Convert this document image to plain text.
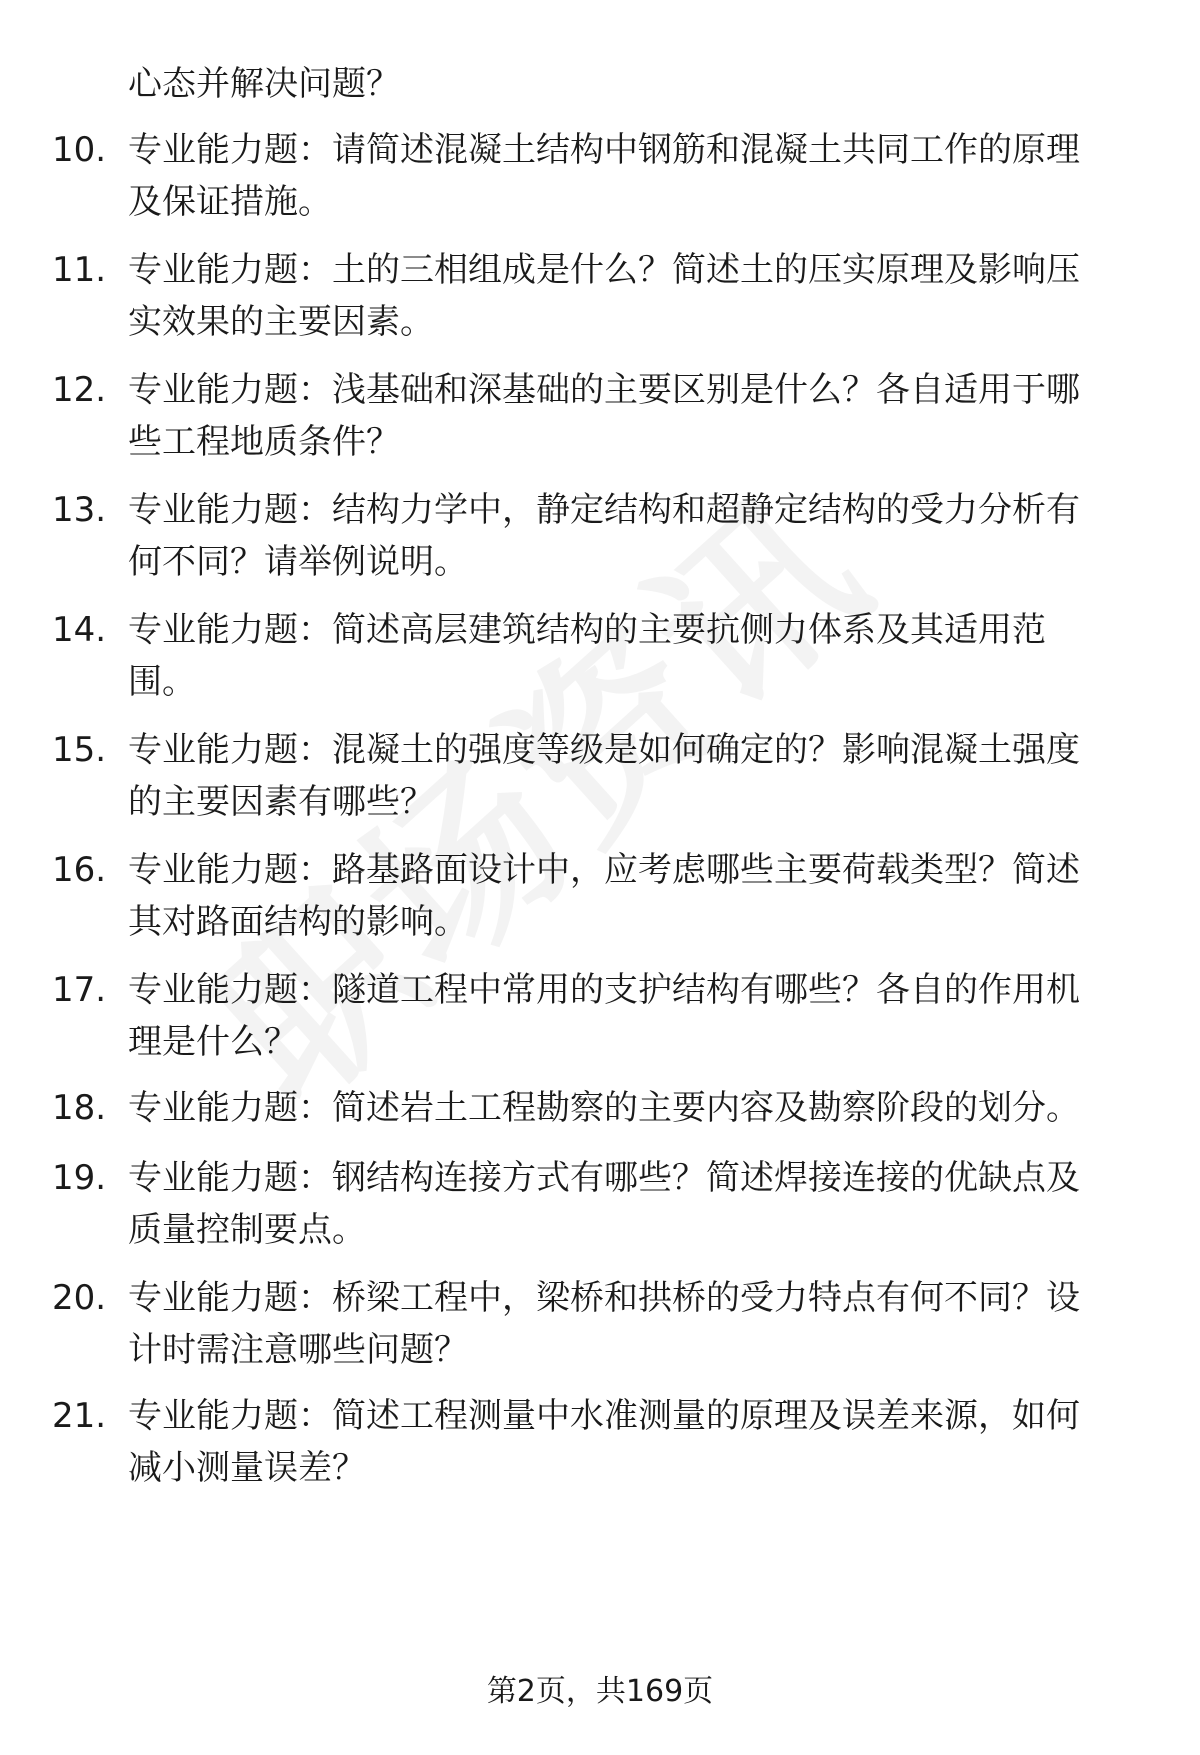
心态并解决问题？
10. 专业能力题：请简述混凝土结构中钢筋和混凝土共同工作的原理
及保证措施。
11. 专业能力题：土的三相组成是什么？简述土的压实原理及影响压
实效果的主要因素。
12. 专业能力题：浅基础和深基础的主要区别是什么？各自适用于哪
些工程地质条件？
13. 专业能力题：结构力学中，静定结构和超静定结构的受力分析有
何不同？请举例说明。
14. 专业能力题：简述高层建筑结构的主要抗侧力体系及其适用范
围。
15. 专业能力题：混凝土的强度等级是如何确定的？影响混凝土强度
的主要因素有哪些？
16. 专业能力题：路基路面设计中，应考虑哪些主要荷载类型？简述
其对路面结构的影响。
17. 专业能力题：隧道工程中常用的支护结构有哪些？各自的作用机
理是什么？
18. 专业能力题：简述岩土工程勘察的主要内容及勘察阶段的划分。
19. 专业能力题：钢结构连接方式有哪些？简述焊接连接的优缺点及
质量控制要点。
20. 专业能力题：桥梁工程中，梁桥和拱桥的受力特点有何不同？设
计时需注意哪些问题？
21. 专业能力题：简述工程测量中水准测量的原理及误差来源，如何
减小测量误差？
第2页，共169页
